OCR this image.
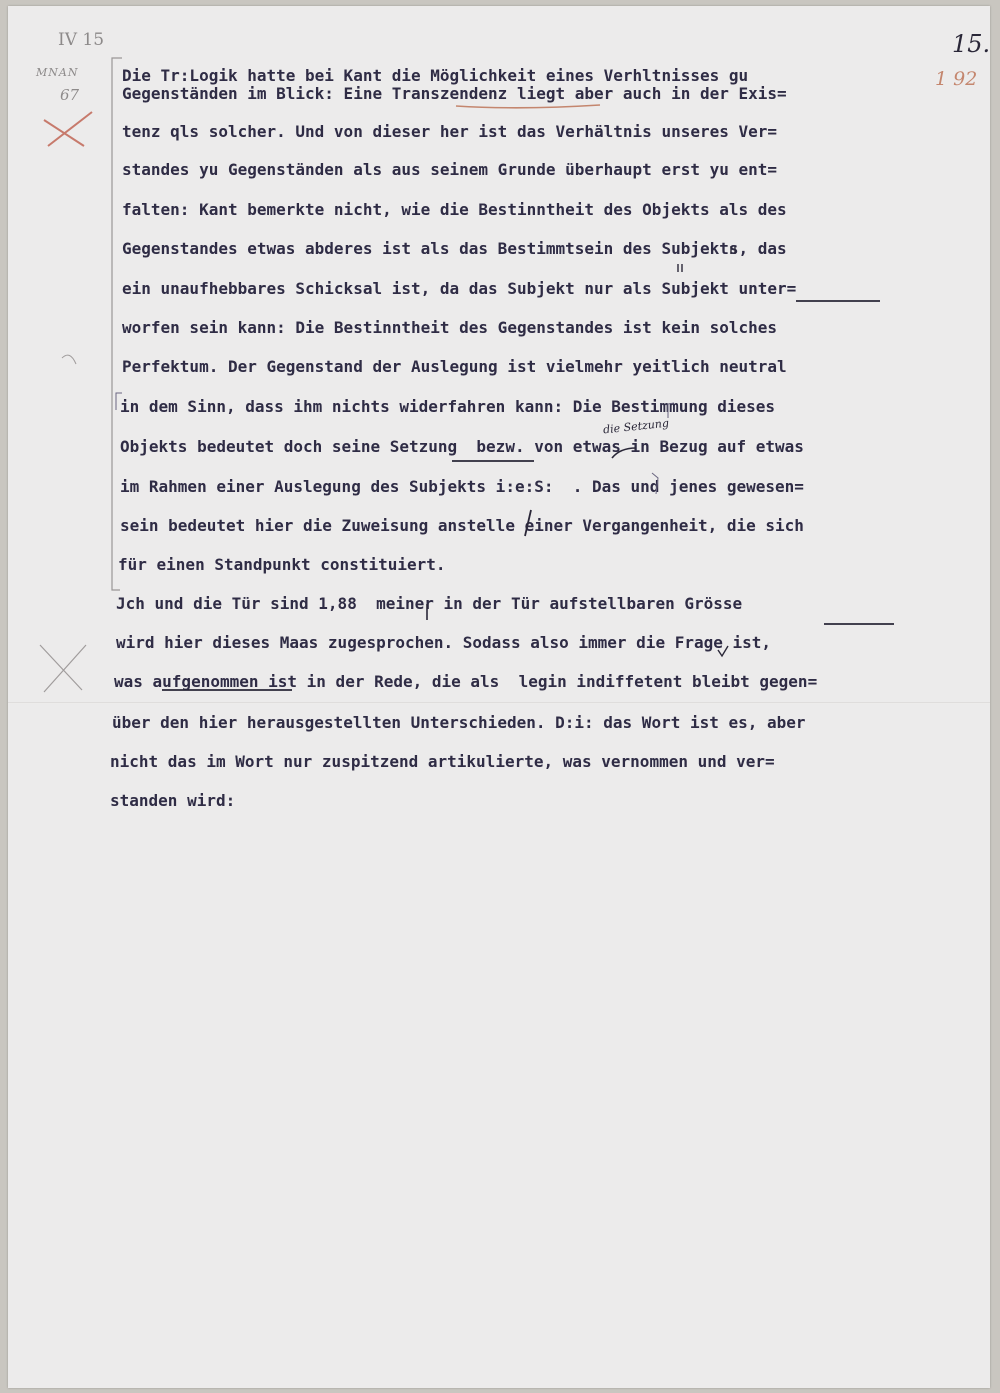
IV 15
MNAN
67
15.
1 92
die Setzung

Die Tr:Logik hatte bei Kant die Möglichkeit eines Verhltnisses gu

Gegenständen im Blick: Eine Transzendenz liegt aber auch in der Exis=

tenz qls solcher. Und von dieser her ist das Verhältnis unseres Ver=

standes yu Gegenständen als aus seinem Grunde überhaupt erst yu ent=

falten: Kant bemerkte nicht, wie die Bestinntheit des Objekts als des

Gegenstandes etwas abderes ist als das Bestimmtsein des Subjekts, das

ein unaufhebbares Schicksal ist, da das Subjekt nur als Subjekt unter=

worfen sein kann: Die Bestinntheit des Gegenstandes ist kein solches

Perfektum. Der Gegenstand der Auslegung ist vielmehr yeitlich neutral

in dem Sinn, dass ihm nichts widerfahren kann: Die Bestimmung dieses

Objekts bedeutet doch seine Setzung  bezw. von etwas in Bezug auf etwas

im Rahmen einer Auslegung des Subjekts i:e:S:  . Das und jenes gewesen=

sein bedeutet hier die Zuweisung anstelle einer Vergangenheit, die sich

für einen Standpunkt constituiert.

Jch und die Tür sind 1,88  meiner in der Tür aufstellbaren Grösse

wird hier dieses Maas zugesprochen. Sodass also immer die Frage ist,

was aufgenommen ist in der Rede, die als  legin indiffetent bleibt gegen=

über den hier herausgestellten Unterschieden. D:i: das Wort ist es, aber

nicht das im Wort nur zuspitzend artikulierte, was vernommen und ver=

standen wird:
